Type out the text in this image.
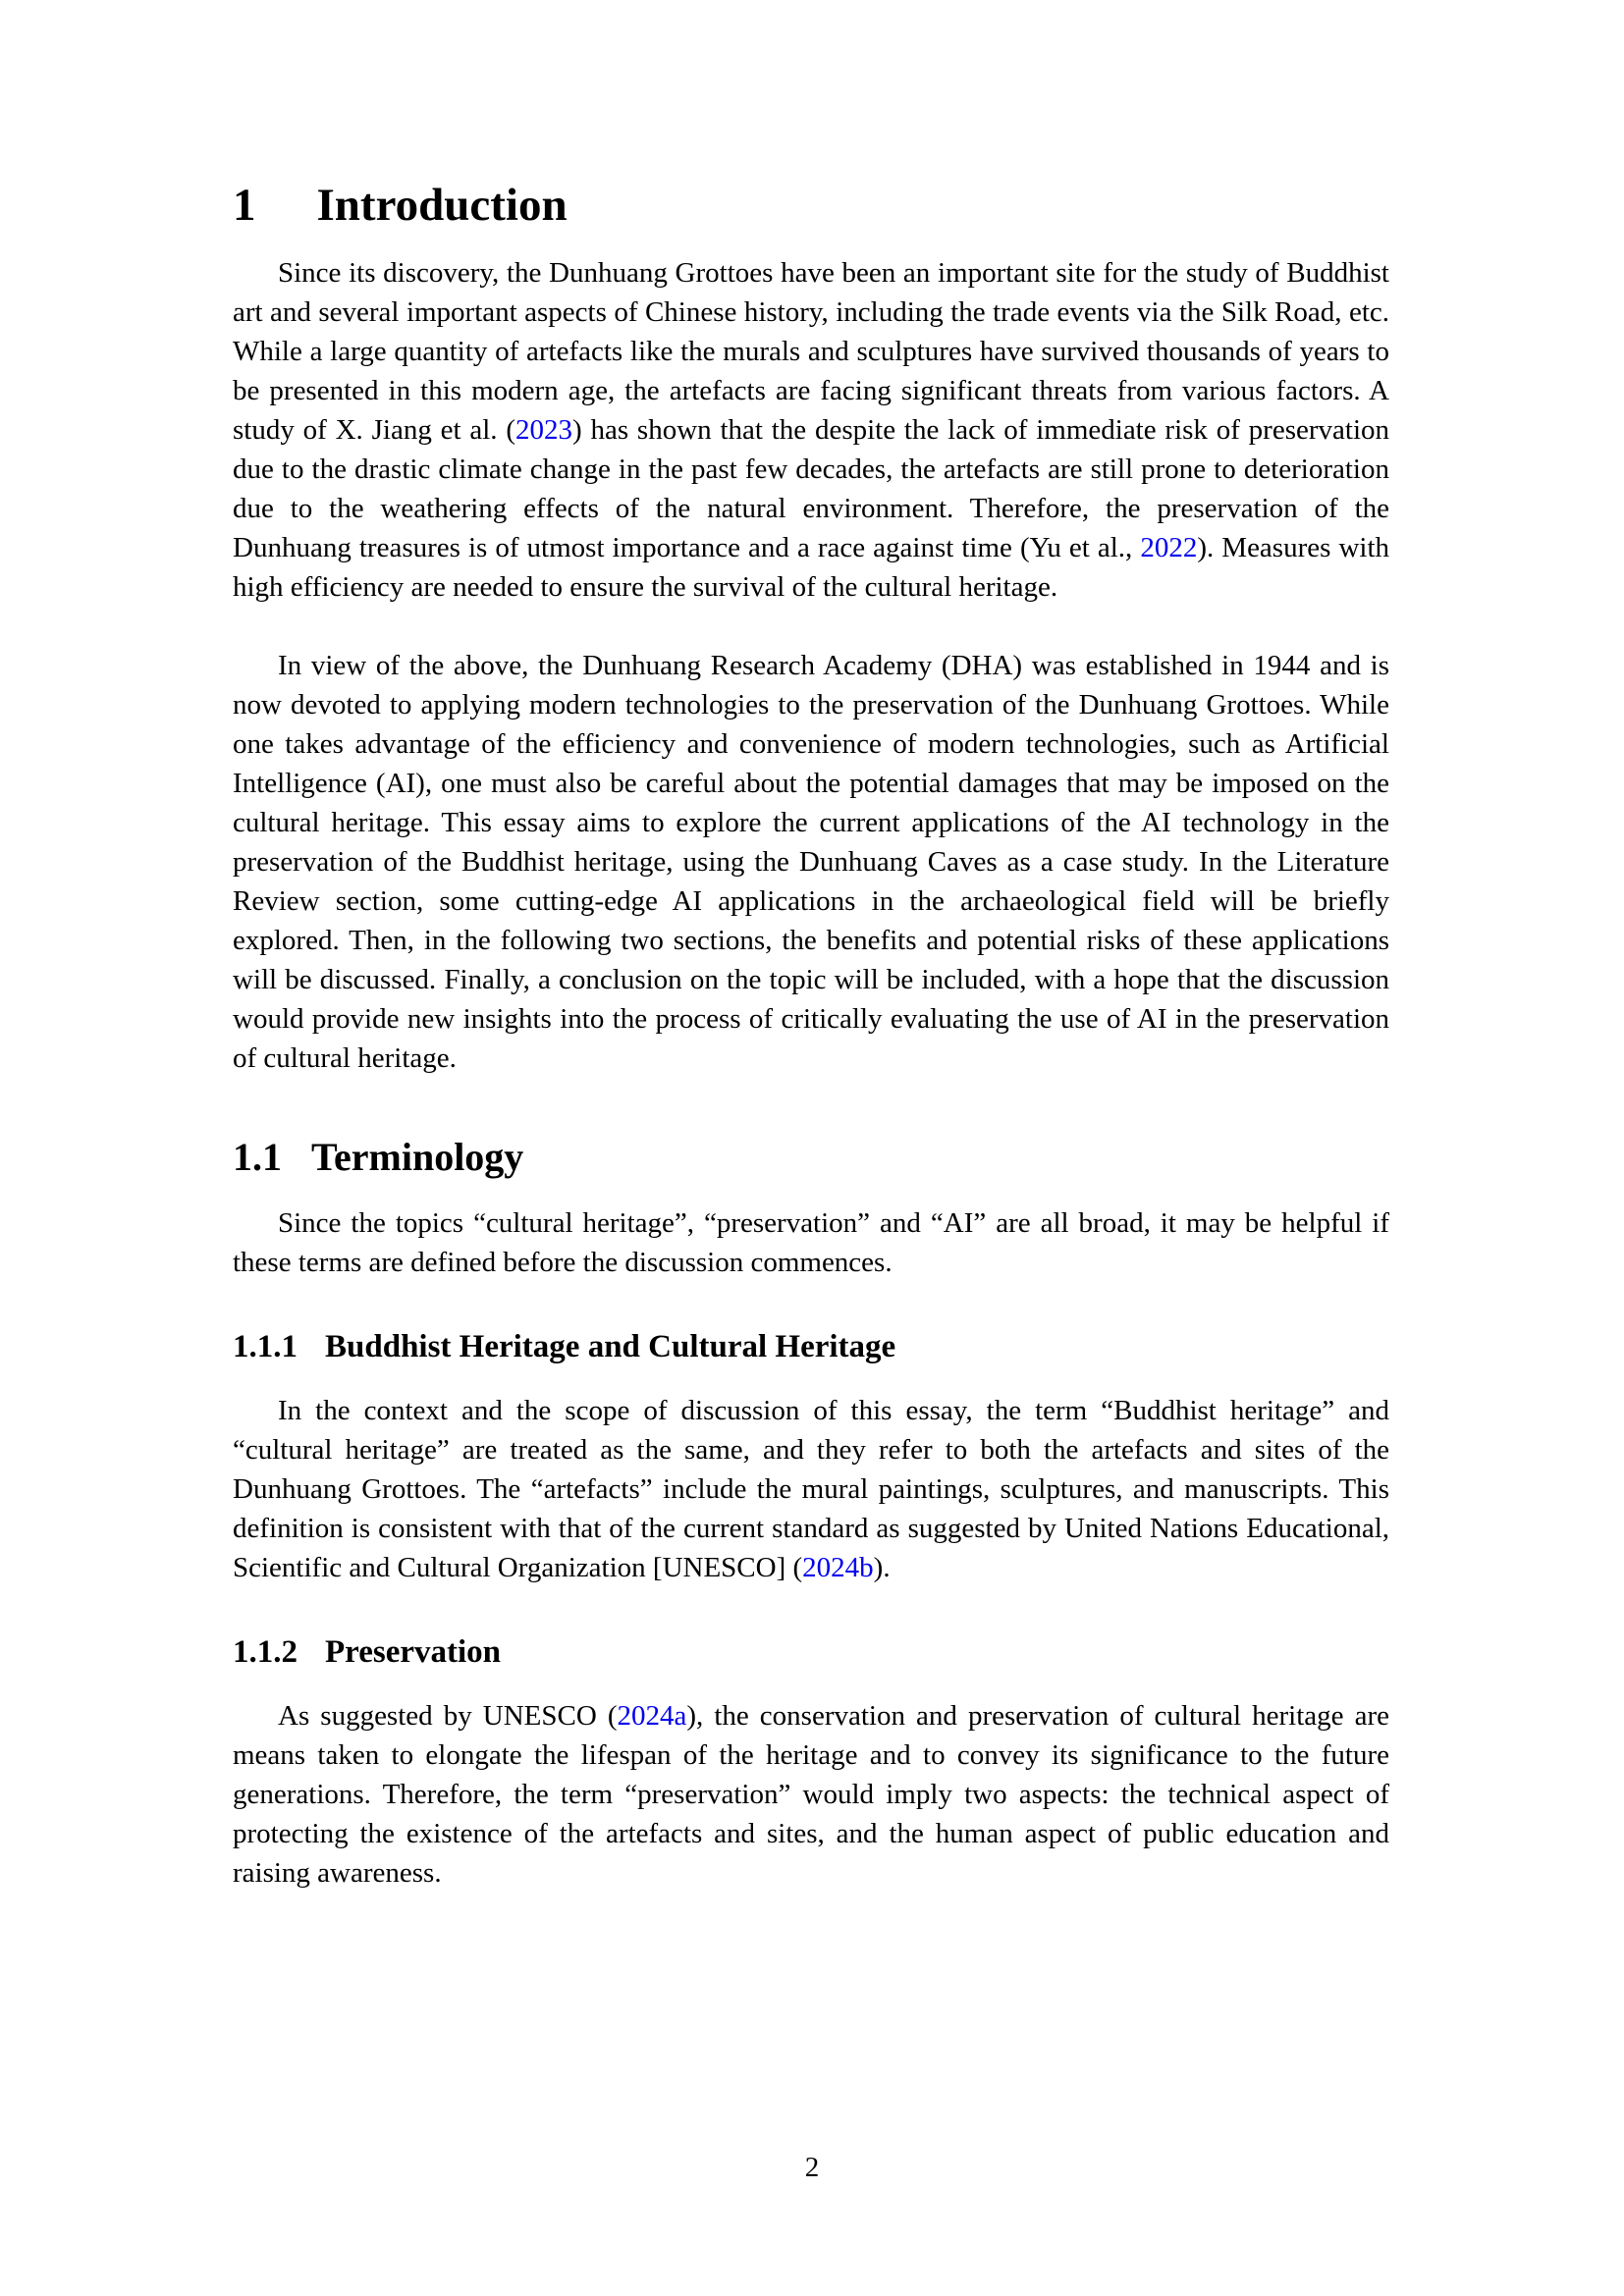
1 Introduction

Since its discovery, the Dunhuang Grottoes have been an important site for the study of Buddhist art and several important aspects of Chinese history, including the trade events via the Silk Road, etc. While a large quantity of artefacts like the murals and sculptures have survived thousands of years to be presented in this modern age, the artefacts are facing significant threats from various factors. A study of X. Jiang et al. (2023) has shown that the despite the lack of immediate risk of preservation due to the drastic climate change in the past few decades, the artefacts are still prone to deterioration due to the weathering effects of the natural environment. Therefore, the preservation of the Dunhuang treasures is of utmost importance and a race against time (Yu et al., 2022). Measures with high efficiency are needed to ensure the survival of the cultural heritage.

In view of the above, the Dunhuang Research Academy (DHA) was established in 1944 and is now devoted to applying modern technologies to the preservation of the Dunhuang Grottoes. While one takes advantage of the efficiency and convenience of modern technologies, such as Artificial Intelligence (AI), one must also be careful about the potential damages that may be imposed on the cultural heritage. This essay aims to explore the current applications of the AI technology in the preservation of the Buddhist heritage, using the Dunhuang Caves as a case study. In the Literature Review section, some cutting-edge AI applications in the archaeological field will be briefly explored. Then, in the following two sections, the benefits and potential risks of these applications will be discussed. Finally, a conclusion on the topic will be included, with a hope that the discussion would provide new insights into the process of critically evaluating the use of AI in the preservation of cultural heritage.

1.1 Terminology

Since the topics “cultural heritage”, “preservation” and “AI” are all broad, it may be helpful if these terms are defined before the discussion commences.

1.1.1 Buddhist Heritage and Cultural Heritage

In the context and the scope of discussion of this essay, the term “Buddhist heritage” and “cultural heritage” are treated as the same, and they refer to both the artefacts and sites of the Dunhuang Grottoes. The “artefacts” include the mural paintings, sculptures, and manuscripts. This definition is consistent with that of the current standard as suggested by United Nations Educational, Scientific and Cultural Organization [UNESCO] (2024b).

1.1.2 Preservation

As suggested by UNESCO (2024a), the conservation and preservation of cultural heritage are means taken to elongate the lifespan of the heritage and to convey its significance to the future generations. Therefore, the term “preservation” would imply two aspects: the technical aspect of protecting the existence of the artefacts and sites, and the human aspect of public education and raising awareness.

2
